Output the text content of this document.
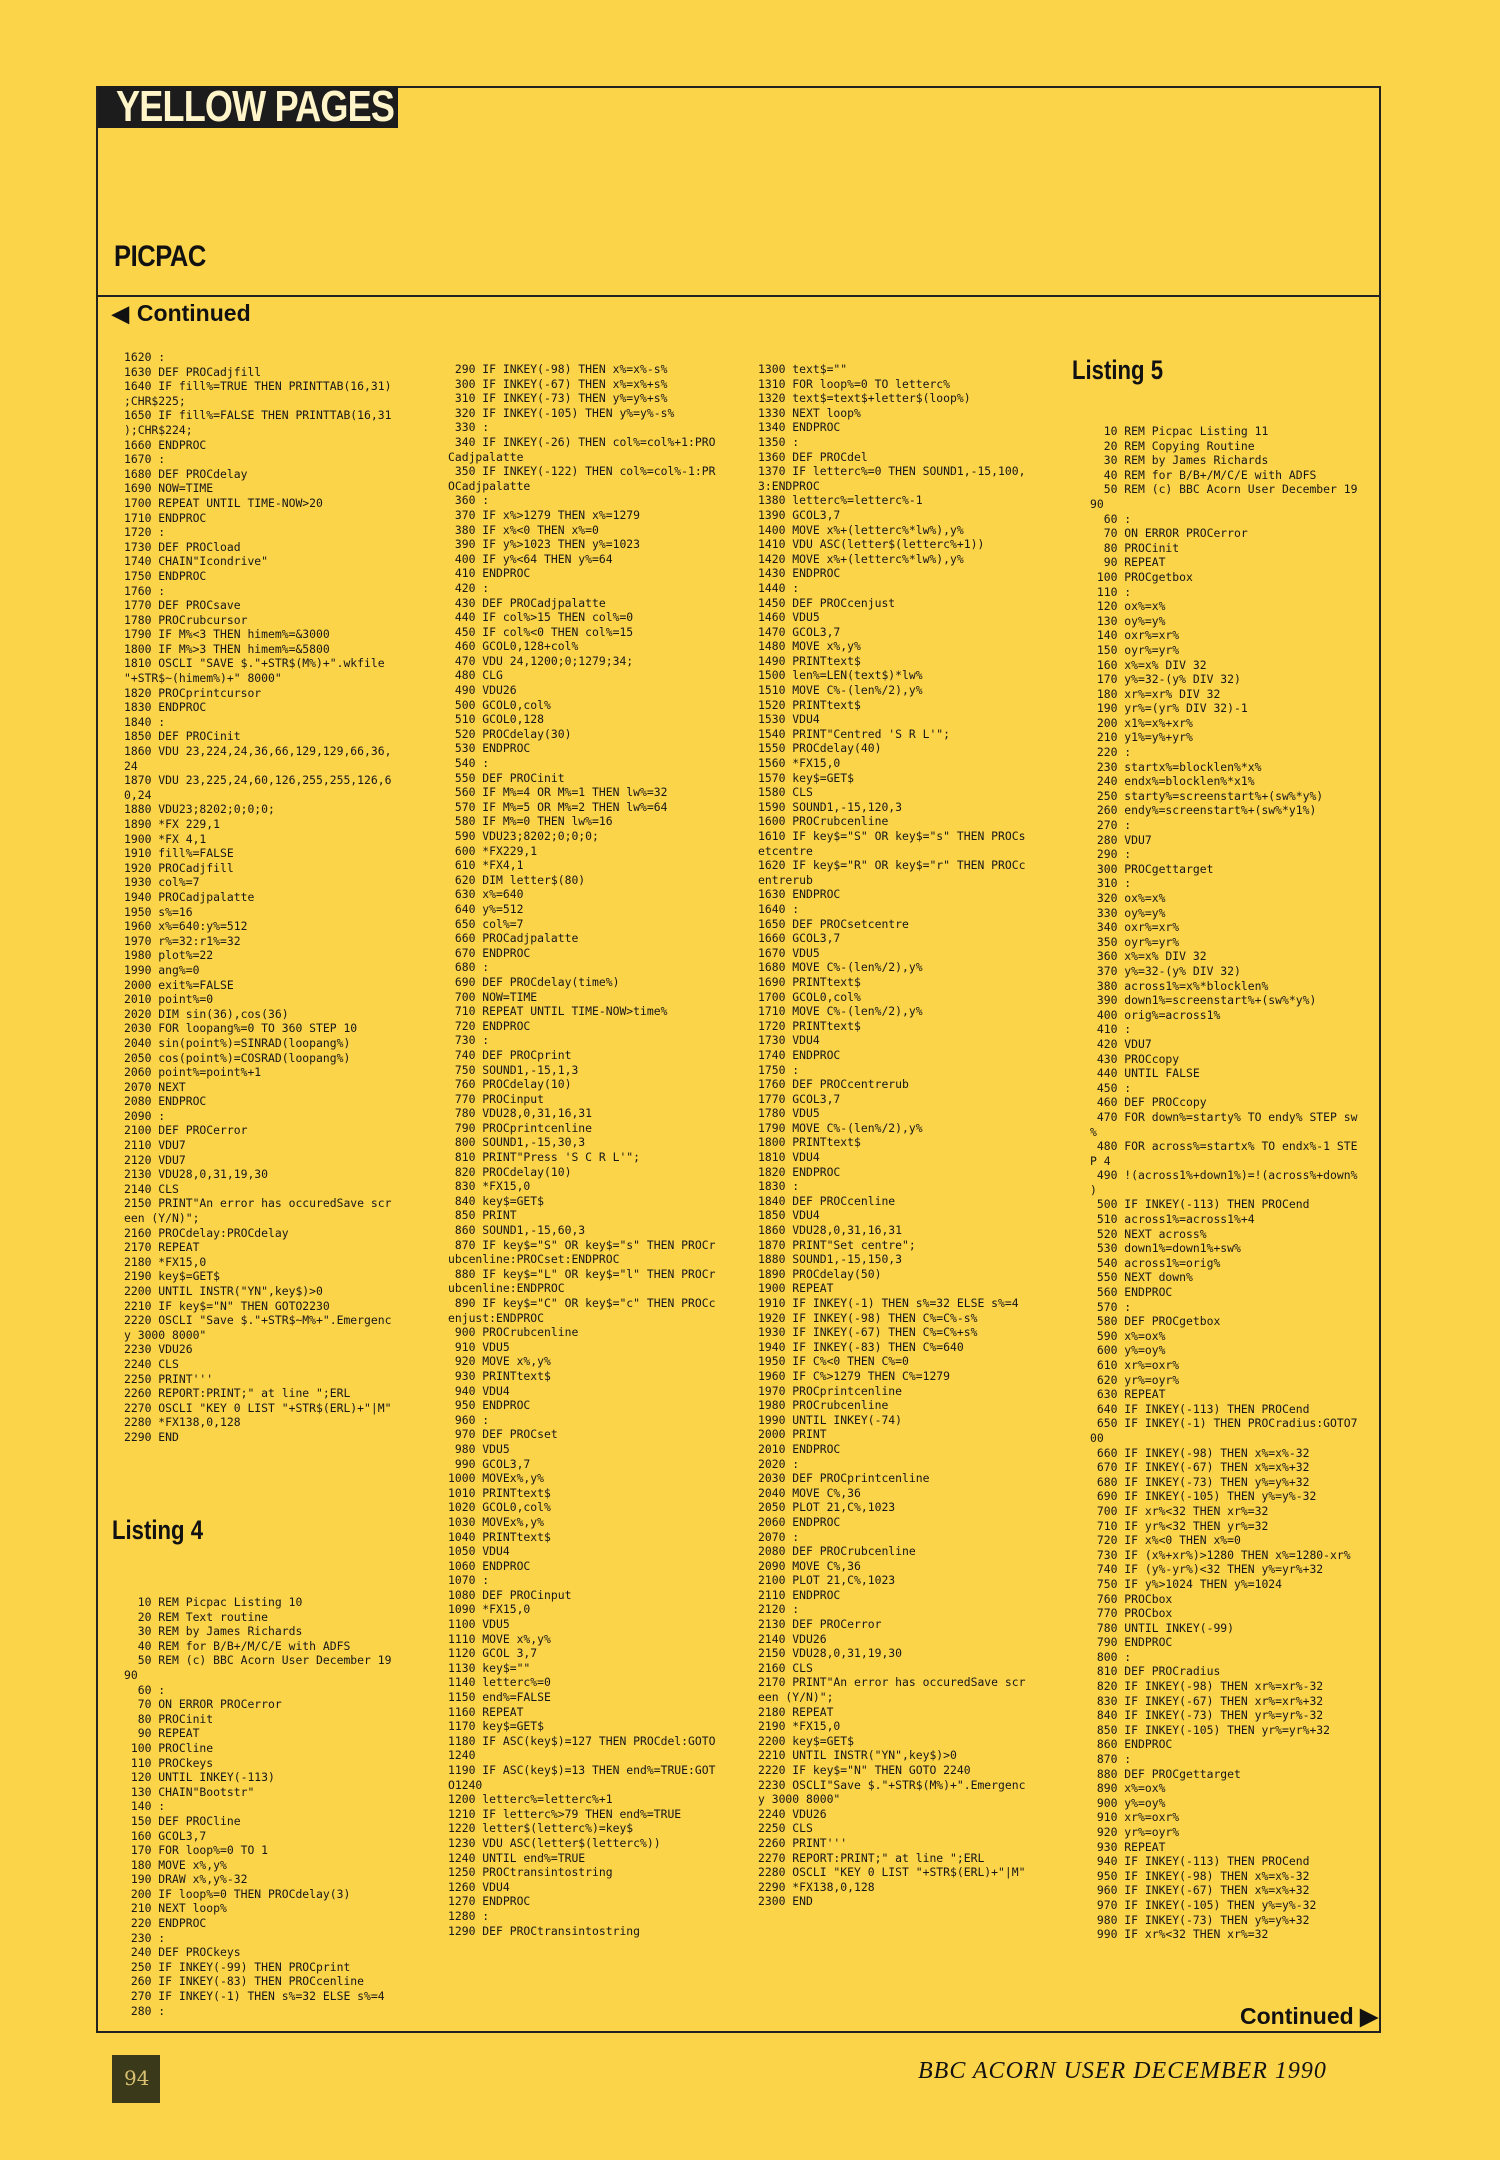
YELLOW PAGES
PICPAC
◀ Continued
1620 :
1630 DEF PROCadjfill
1640 IF fill%=TRUE THEN PRINTTAB(16,31)
;CHR$225;
1650 IF fill%=FALSE THEN PRINTTAB(16,31
);CHR$224;
1660 ENDPROC
1670 :
1680 DEF PROCdelay
1690 NOW=TIME
1700 REPEAT UNTIL TIME-NOW>20
1710 ENDPROC
1720 :
1730 DEF PROCload
1740 CHAIN"Icondrive"
1750 ENDPROC
1760 :
1770 DEF PROCsave
1780 PROCrubcursor
1790 IF M%<3 THEN himem%=&3000
1800 IF M%>3 THEN himem%=&5800
1810 OSCLI "SAVE $."+STR$(M%)+".wkfile
"+STR$~(himem%)+" 8000"
1820 PROCprintcursor
1830 ENDPROC
1840 :
1850 DEF PROCinit
1860 VDU 23,224,24,36,66,129,129,66,36,
24
1870 VDU 23,225,24,60,126,255,255,126,6
0,24
1880 VDU23;8202;0;0;0;
1890 *FX 229,1
1900 *FX 4,1
1910 fill%=FALSE
1920 PROCadjfill
1930 col%=7
1940 PROCadjpalatte
1950 s%=16
1960 x%=640:y%=512
1970 r%=32:r1%=32
1980 plot%=22
1990 ang%=0
2000 exit%=FALSE
2010 point%=0
2020 DIM sin(36),cos(36)
2030 FOR loopang%=0 TO 360 STEP 10
2040 sin(point%)=SINRAD(loopang%)
2050 cos(point%)=COSRAD(loopang%)
2060 point%=point%+1
2070 NEXT
2080 ENDPROC
2090 :
2100 DEF PROCerror
2110 VDU7
2120 VDU7
2130 VDU28,0,31,19,30
2140 CLS
2150 PRINT"An error has occuredSave scr
een (Y/N)";
2160 PROCdelay:PROCdelay
2170 REPEAT
2180 *FX15,0
2190 key$=GET$
2200 UNTIL INSTR("YN",key$)>0
2210 IF key$="N" THEN GOTO2230
2220 OSCLI "Save $."+STR$~M%+".Emergenc
y 3000 8000"
2230 VDU26
2240 CLS
2250 PRINT'''
2260 REPORT:PRINT;" at line ";ERL
2270 OSCLI "KEY 0 LIST "+STR$(ERL)+"|M"
2280 *FX138,0,128
2290 END
Listing 4
10 REM Picpac Listing 10
20 REM Text routine
30 REM by James Richards
40 REM for B/B+/M/C/E with ADFS
50 REM (c) BBC Acorn User December 19
90
60 :
70 ON ERROR PROCerror
80 PROCinit
90 REPEAT
100 PROCline
110 PROCkeys
120 UNTIL INKEY(-113)
130 CHAIN"Bootstr"
140 :
150 DEF PROCline
160 GCOL3,7
170 FOR loop%=0 TO 1
180 MOVE x%,y%
190 DRAW x%,y%-32
200 IF loop%=0 THEN PROCdelay(3)
210 NEXT loop%
220 ENDPROC
230 :
240 DEF PROCkeys
250 IF INKEY(-99) THEN PROCprint
260 IF INKEY(-83) THEN PROCcenline
270 IF INKEY(-1) THEN s%=32 ELSE s%=4
280 :
290 IF INKEY(-98) THEN x%=x%-s%
300 IF INKEY(-67) THEN x%=x%+s%
310 IF INKEY(-73) THEN y%=y%+s%
320 IF INKEY(-105) THEN y%=y%-s%
330 :
340 IF INKEY(-26) THEN col%=col%+1:PRO
Cadjpalatte
350 IF INKEY(-122) THEN col%=col%-1:PR
OCadjpalatte
360 :
370 IF x%>1279 THEN x%=1279
380 IF x%<0 THEN x%=0
390 IF y%>1023 THEN y%=1023
400 IF y%<64 THEN y%=64
410 ENDPROC
420 :
430 DEF PROCadjpalatte
440 IF col%>15 THEN col%=0
450 IF col%<0 THEN col%=15
460 GCOL0,128+col%
470 VDU 24,1200;0;1279;34;
480 CLG
490 VDU26
500 GCOL0,col%
510 GCOL0,128
520 PROCdelay(30)
530 ENDPROC
540 :
550 DEF PROCinit
560 IF M%=4 OR M%=1 THEN lw%=32
570 IF M%=5 OR M%=2 THEN lw%=64
580 IF M%=0 THEN lw%=16
590 VDU23;8202;0;0;0;
600 *FX229,1
610 *FX4,1
620 DIM letter$(80)
630 x%=640
640 y%=512
650 col%=7
660 PROCadjpalatte
670 ENDPROC
680 :
690 DEF PROCdelay(time%)
700 NOW=TIME
710 REPEAT UNTIL TIME-NOW>time%
720 ENDPROC
730 :
740 DEF PROCprint
750 SOUND1,-15,1,3
760 PROCdelay(10)
770 PROCinput
780 VDU28,0,31,16,31
790 PROCprintcenline
800 SOUND1,-15,30,3
810 PRINT"Press 'S C R L'";
820 PROCdelay(10)
830 *FX15,0
840 key$=GET$
850 PRINT
860 SOUND1,-15,60,3
870 IF key$="S" OR key$="s" THEN PROCr
ubcenline:PROCset:ENDPROC
880 IF key$="L" OR key$="l" THEN PROCr
ubcenline:ENDPROC
890 IF key$="C" OR key$="c" THEN PROCc
enjust:ENDPROC
900 PROCrubcenline
910 VDU5
920 MOVE x%,y%
930 PRINTtext$
940 VDU4
950 ENDPROC
960 :
970 DEF PROCset
980 VDU5
990 GCOL3,7
1000 MOVEx%,y%
1010 PRINTtext$
1020 GCOL0,col%
1030 MOVEx%,y%
1040 PRINTtext$
1050 VDU4
1060 ENDPROC
1070 :
1080 DEF PROCinput
1090 *FX15,0
1100 VDU5
1110 MOVE x%,y%
1120 GCOL 3,7
1130 key$=""
1140 letterc%=0
1150 end%=FALSE
1160 REPEAT
1170 key$=GET$
1180 IF ASC(key$)=127 THEN PROCdel:GOTO
1240
1190 IF ASC(key$)=13 THEN end%=TRUE:GOT
O1240
1200 letterc%=letterc%+1
1210 IF letterc%>79 THEN end%=TRUE
1220 letter$(letterc%)=key$
1230 VDU ASC(letter$(letterc%))
1240 UNTIL end%=TRUE
1250 PROCtransintostring
1260 VDU4
1270 ENDPROC
1280 :
1290 DEF PROCtransintostring
1300 text$=""
1310 FOR loop%=0 TO letterc%
1320 text$=text$+letter$(loop%)
1330 NEXT loop%
1340 ENDPROC
1350 :
1360 DEF PROCdel
1370 IF letterc%=0 THEN SOUND1,-15,100,
3:ENDPROC
1380 letterc%=letterc%-1
1390 GCOL3,7
1400 MOVE x%+(letterc%*lw%),y%
1410 VDU ASC(letter$(letterc%+1))
1420 MOVE x%+(letterc%*lw%),y%
1430 ENDPROC
1440 :
1450 DEF PROCcenjust
1460 VDU5
1470 GCOL3,7
1480 MOVE x%,y%
1490 PRINTtext$
1500 len%=LEN(text$)*lw%
1510 MOVE C%-(len%/2),y%
1520 PRINTtext$
1530 VDU4
1540 PRINT"Centred 'S R L'";
1550 PROCdelay(40)
1560 *FX15,0
1570 key$=GET$
1580 CLS
1590 SOUND1,-15,120,3
1600 PROCrubcenline
1610 IF key$="S" OR key$="s" THEN PROCs
etcentre
1620 IF key$="R" OR key$="r" THEN PROCc
entrerub
1630 ENDPROC
1640 :
1650 DEF PROCsetcentre
1660 GCOL3,7
1670 VDU5
1680 MOVE C%-(len%/2),y%
1690 PRINTtext$
1700 GCOL0,col%
1710 MOVE C%-(len%/2),y%
1720 PRINTtext$
1730 VDU4
1740 ENDPROC
1750 :
1760 DEF PROCcentrerub
1770 GCOL3,7
1780 VDU5
1790 MOVE C%-(len%/2),y%
1800 PRINTtext$
1810 VDU4
1820 ENDPROC
1830 :
1840 DEF PROCcenline
1850 VDU4
1860 VDU28,0,31,16,31
1870 PRINT"Set centre";
1880 SOUND1,-15,150,3
1890 PROCdelay(50)
1900 REPEAT
1910 IF INKEY(-1) THEN s%=32 ELSE s%=4
1920 IF INKEY(-98) THEN C%=C%-s%
1930 IF INKEY(-67) THEN C%=C%+s%
1940 IF INKEY(-83) THEN C%=640
1950 IF C%<0 THEN C%=0
1960 IF C%>1279 THEN C%=1279
1970 PROCprintcenline
1980 PROCrubcenline
1990 UNTIL INKEY(-74)
2000 PRINT
2010 ENDPROC
2020 :
2030 DEF PROCprintcenline
2040 MOVE C%,36
2050 PLOT 21,C%,1023
2060 ENDPROC
2070 :
2080 DEF PROCrubcenline
2090 MOVE C%,36
2100 PLOT 21,C%,1023
2110 ENDPROC
2120 :
2130 DEF PROCerror
2140 VDU26
2150 VDU28,0,31,19,30
2160 CLS
2170 PRINT"An error has occuredSave scr
een (Y/N)";
2180 REPEAT
2190 *FX15,0
2200 key$=GET$
2210 UNTIL INSTR("YN",key$)>0
2220 IF key$="N" THEN GOTO 2240
2230 OSCLI"Save $."+STR$(M%)+".Emergenc
y 3000 8000"
2240 VDU26
2250 CLS
2260 PRINT'''
2270 REPORT:PRINT;" at line ";ERL
2280 OSCLI "KEY 0 LIST "+STR$(ERL)+"|M"
2290 *FX138,0,128
2300 END
Listing 5
10 REM Picpac Listing 11
20 REM Copying Routine
30 REM by James Richards
40 REM for B/B+/M/C/E with ADFS
50 REM (c) BBC Acorn User December 19
90
60 :
70 ON ERROR PROCerror
80 PROCinit
90 REPEAT
100 PROCgetbox
110 :
120 ox%=x%
130 oy%=y%
140 oxr%=xr%
150 oyr%=yr%
160 x%=x% DIV 32
170 y%=32-(y% DIV 32)
180 xr%=xr% DIV 32
190 yr%=(yr% DIV 32)-1
200 x1%=x%+xr%
210 y1%=y%+yr%
220 :
230 startx%=blocklen%*x%
240 endx%=blocklen%*x1%
250 starty%=screenstart%+(sw%*y%)
260 endy%=screenstart%+(sw%*y1%)
270 :
280 VDU7
290 :
300 PROCgettarget
310 :
320 ox%=x%
330 oy%=y%
340 oxr%=xr%
350 oyr%=yr%
360 x%=x% DIV 32
370 y%=32-(y% DIV 32)
380 across1%=x%*blocklen%
390 down1%=screenstart%+(sw%*y%)
400 orig%=across1%
410 :
420 VDU7
430 PROCcopy
440 UNTIL FALSE
450 :
460 DEF PROCcopy
470 FOR down%=starty% TO endy% STEP sw
%
480 FOR across%=startx% TO endx%-1 STE
P 4
490 !(across1%+down1%)=!(across%+down%
)
500 IF INKEY(-113) THEN PROCend
510 across1%=across1%+4
520 NEXT across%
530 down1%=down1%+sw%
540 across1%=orig%
550 NEXT down%
560 ENDPROC
570 :
580 DEF PROCgetbox
590 x%=ox%
600 y%=oy%
610 xr%=oxr%
620 yr%=oyr%
630 REPEAT
640 IF INKEY(-113) THEN PROCend
650 IF INKEY(-1) THEN PROCradius:GOTO7
00
660 IF INKEY(-98) THEN x%=x%-32
670 IF INKEY(-67) THEN x%=x%+32
680 IF INKEY(-73) THEN y%=y%+32
690 IF INKEY(-105) THEN y%=y%-32
700 IF xr%<32 THEN xr%=32
710 IF yr%<32 THEN yr%=32
720 IF x%<0 THEN x%=0
730 IF (x%+xr%)>1280 THEN x%=1280-xr%
740 IF (y%-yr%)<32 THEN y%=yr%+32
750 IF y%>1024 THEN y%=1024
760 PROCbox
770 PROCbox
780 UNTIL INKEY(-99)
790 ENDPROC
800 :
810 DEF PROCradius
820 IF INKEY(-98) THEN xr%=xr%-32
830 IF INKEY(-67) THEN xr%=xr%+32
840 IF INKEY(-73) THEN yr%=yr%-32
850 IF INKEY(-105) THEN yr%=yr%+32
860 ENDPROC
870 :
880 DEF PROCgettarget
890 x%=ox%
900 y%=oy%
910 xr%=oxr%
920 yr%=oyr%
930 REPEAT
940 IF INKEY(-113) THEN PROCend
950 IF INKEY(-98) THEN x%=x%-32
960 IF INKEY(-67) THEN x%=x%+32
970 IF INKEY(-105) THEN y%=y%-32
980 IF INKEY(-73) THEN y%=y%+32
990 IF xr%<32 THEN xr%=32
Continued ▶
94	BBC ACORN USER DECEMBER 1990
